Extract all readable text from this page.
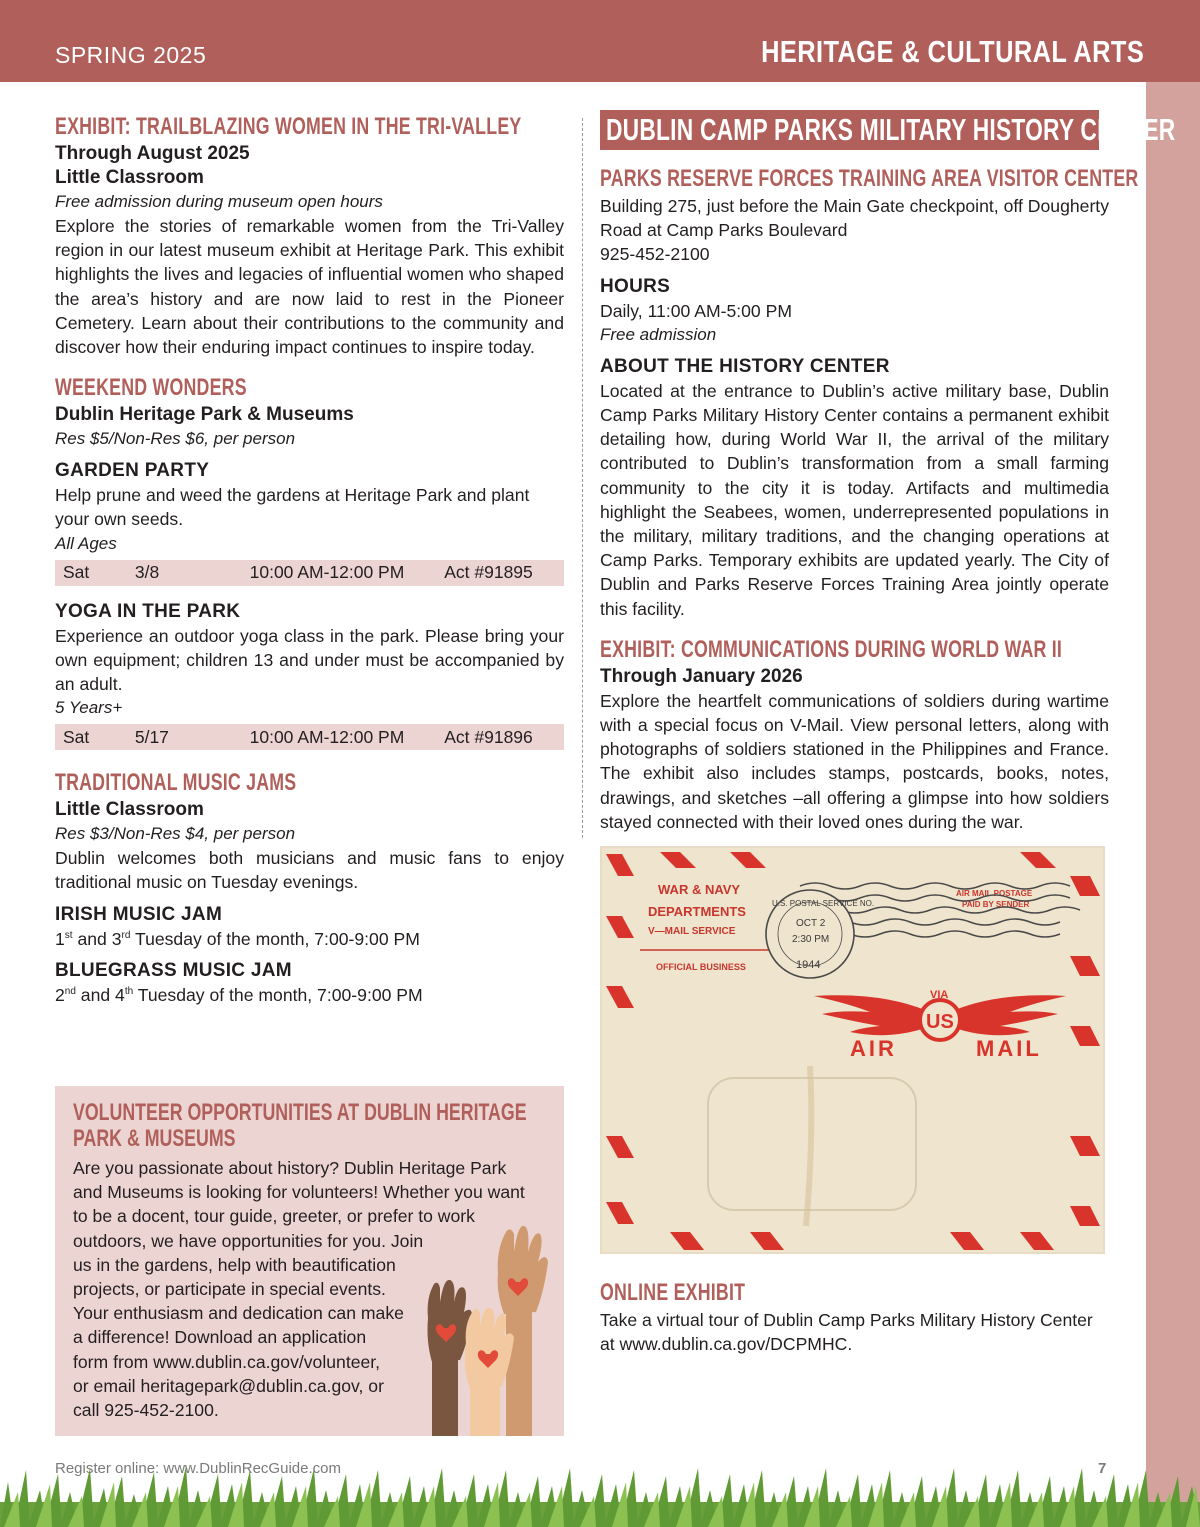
SPRING 2025	HERITAGE & CULTURAL ARTS
EXHIBIT: TRAILBLAZING WOMEN IN THE TRI-VALLEY
Through August 2025
Little Classroom
Free admission during museum open hours
Explore the stories of remarkable women from the Tri-Valley region in our latest museum exhibit at Heritage Park. This exhibit highlights the lives and legacies of influential women who shaped the area’s history and are now laid to rest in the Pioneer Cemetery. Learn about their contributions to the community and discover how their enduring impact continues to inspire today.
WEEKEND WONDERS
Dublin Heritage Park & Museums
Res $5/Non-Res $6, per person
GARDEN PARTY
Help prune and weed the gardens at Heritage Park and plant your own seeds.
All Ages
Sat	3/8	10:00 AM-12:00 PM	Act #91895
YOGA IN THE PARK
Experience an outdoor yoga class in the park. Please bring your own equipment; children 13 and under must be accompanied by an adult.
5 Years+
Sat	5/17	10:00 AM-12:00 PM	Act #91896
TRADITIONAL MUSIC JAMS
Little Classroom
Res $3/Non-Res $4, per person
Dublin welcomes both musicians and music fans to enjoy traditional music on Tuesday evenings.
IRISH MUSIC JAM
1st and 3rd Tuesday of the month, 7:00-9:00 PM
BLUEGRASS MUSIC JAM
2nd and 4th Tuesday of the month, 7:00-9:00 PM
VOLUNTEER OPPORTUNITIES AT DUBLIN HERITAGE PARK & MUSEUMS
Are you passionate about history? Dublin Heritage Park
and Museums is looking for volunteers! Whether you want
to be a docent, tour guide, greeter, or prefer to work
outdoors, we have opportunities for you. Join
us in the gardens, help with beautification
projects, or participate in special events.
Your enthusiasm and dedication can make
a difference! Download an application
form from www.dublin.ca.gov/volunteer,
or email heritagepark@dublin.ca.gov, or
call 925-452-2100.
DUBLIN CAMP PARKS MILITARY HISTORY CENTER
PARKS RESERVE FORCES TRAINING AREA VISITOR CENTER
Building 275, just before the Main Gate checkpoint, off Dougherty Road at Camp Parks Boulevard
925-452-2100
HOURS
Daily, 11:00 AM-5:00 PM
Free admission
ABOUT THE HISTORY CENTER
Located at the entrance to Dublin’s active military base, Dublin Camp Parks Military History Center contains a permanent exhibit detailing how, during World War II, the arrival of the military contributed to Dublin’s transformation from a small farming community to the city it is today. Artifacts and multimedia highlight the Seabees, women, underrepresented populations in the military, military traditions, and the changing operations at Camp Parks. Temporary exhibits are updated yearly. The City of Dublin and Parks Reserve Forces Training Area jointly operate this facility.
EXHIBIT: COMMUNICATIONS DURING WORLD WAR II
Through January 2026
Explore the heartfelt communications of soldiers during wartime with a special focus on V-Mail. View personal letters, along with photographs of soldiers stationed in the Philippines and France. The exhibit also includes stamps, postcards, books, notes, drawings, and sketches –all offering a glimpse into how soldiers stayed connected with their loved ones during the war.
WAR & NAVY
DEPARTMENTS
V—MAIL SERVICE
OFFICIAL BUSINESS
AIR MAIL POSTAGE
PAID BY SENDER
OCT 2
2:30 PM
1944
U.S. POSTAL SERVICE NO.
US
VIA
AIR	MAIL
ONLINE EXHIBIT
Take a virtual tour of Dublin Camp Parks Military History Center at www.dublin.ca.gov/DCPMHC.
Register online: www.DublinRecGuide.com	7
